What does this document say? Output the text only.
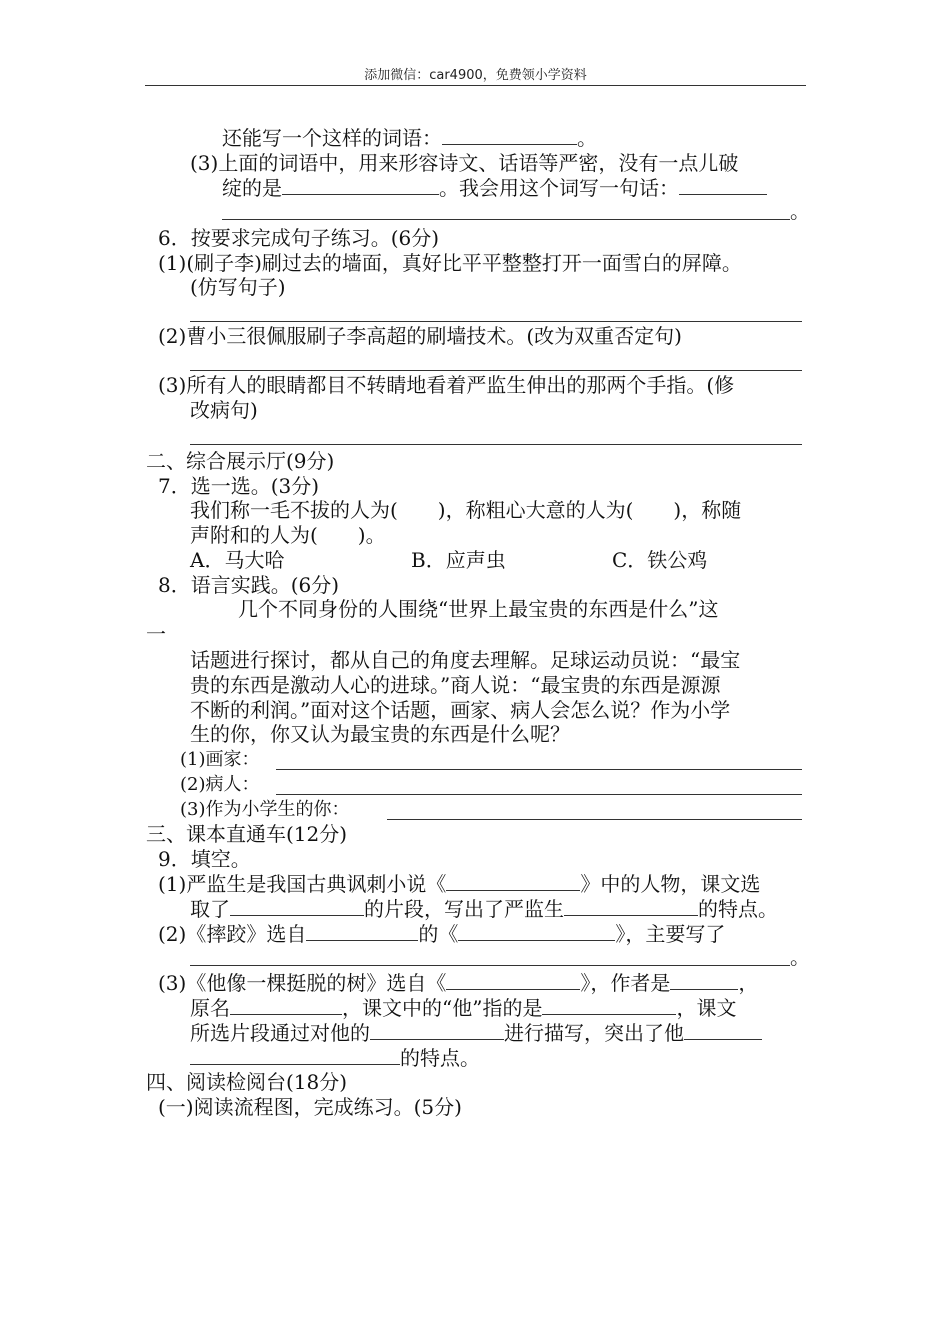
添加微信：car4900，免费领小学资料
还能写一个这样的词语：	。
(3)上面的词语中，用来形容诗文、话语等严密，没有一点儿破
绽的是	。我会用这个词写一句话：
。
6．按要求完成句子练习。(6分)
(1)(刷子李)刷过去的墙面，真好比平平整整打开一面雪白的屏障。
(仿写句子)
(2)曹小三很佩服刷子李高超的刷墙技术。(改为双重否定句)
(3)所有人的眼睛都目不转睛地看着严监生伸出的那两个手指。(修
改病句)
二、综合展示厅(9分)
7．选一选。(3分)
我们称一毛不拔的人为(　　)，称粗心大意的人为(　　)，称随
声附和的人为(　　)。
A．马大哈	B．应声虫	C．铁公鸡
8．语言实践。(6分)
几个不同身份的人围绕“世界上最宝贵的东西是什么”这
一
话题进行探讨，都从自己的角度去理解。足球运动员说：“最宝
贵的东西是激动人心的进球。”商人说：“最宝贵的东西是源源
不断的利润。”面对这个话题，画家、病人会怎么说？作为小学
生的你，你又认为最宝贵的东西是什么呢？
(1)画家：
(2)病人：
(3)作为小学生的你：
三、课本直通车(12分)
9．填空。
(1)严监生是我国古典讽刺小说《	》中的人物，课文选
取了	的片段，写出了严监生	的特点。
(2)《摔跤》选自	的《	》，主要写了
。
(3)《他像一棵挺脱的树》选自《	》，作者是	，
原名	，课文中的“他”指的是	，课文
所选片段通过对他的	进行描写，突出了他
的特点。
四、阅读检阅台(18分)
(一)阅读流程图，完成练习。(5分)
